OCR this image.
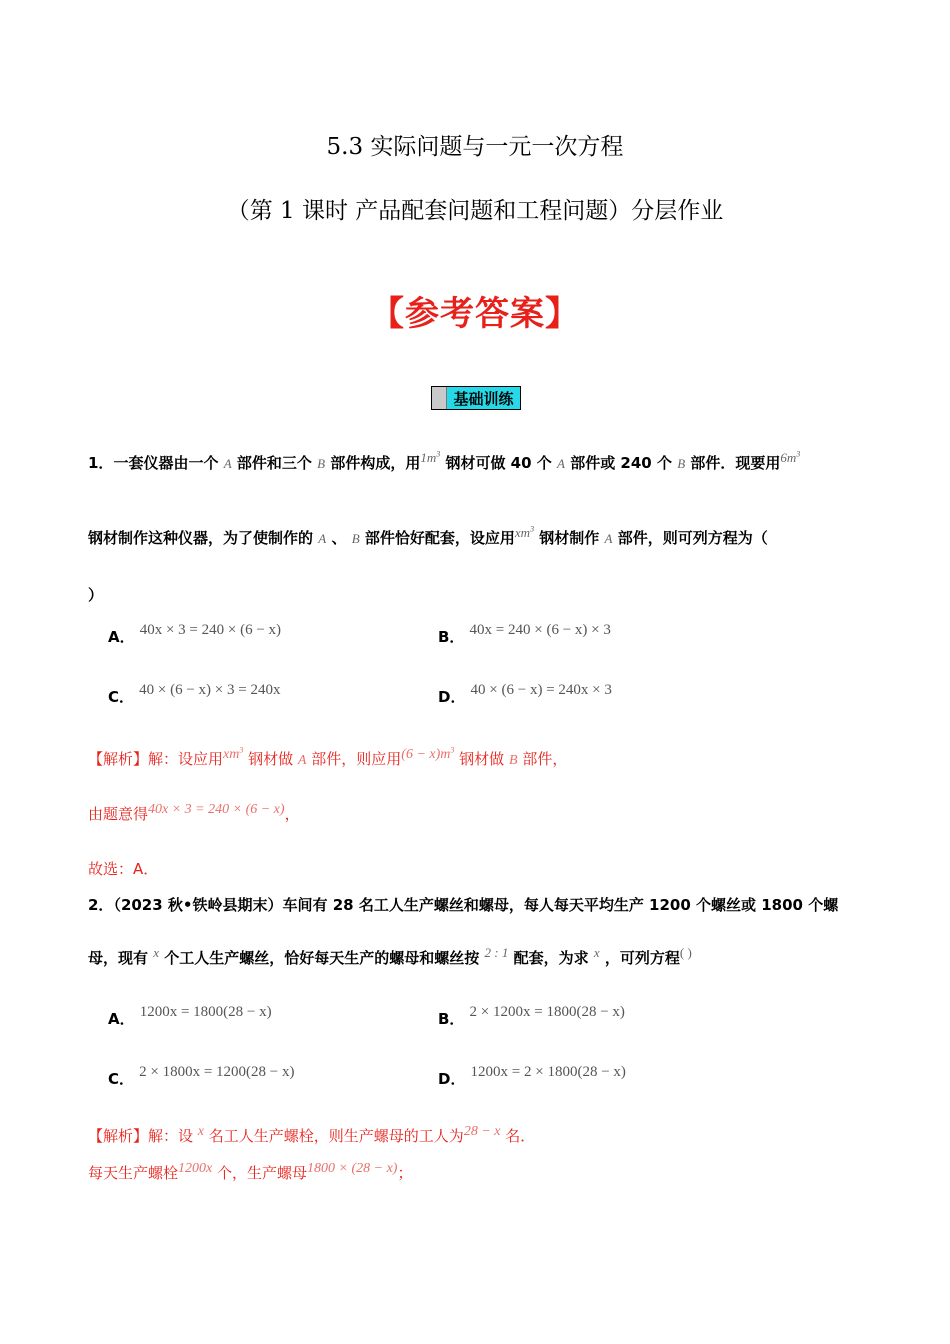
5.3 实际问题与一元一次方程
（第 1 课时 产品配套问题和工程问题）分层作业
【参考答案】
基础训练
1．一套仪器由一个 A 部件和三个 B 部件构成，用$1m^3$ 钢材可做 40 个 A 部件或 240 个 B 部件．现要用$6m^3$
钢材制作这种仪器，为了使制作的 A 、 B 部件恰好配套，设应用$xm^3$ 钢材制作 A 部件，则可列方程为（
）
A． 40x × 3 = 240 × (6 − x)	B． 40x = 240 × (6 − x) × 3
C． 40 × (6 − x) × 3 = 240x	D． 40 × (6 − x) = 240x × 3
【解析】解：设应用$xm^3$ 钢材做 A 部件，则应用$(6 - x)m^3$ 钢材做 B 部件，
由题意得40x × 3 = 240 × (6 − x)，
故选：A．
2．（2023 秋•铁岭县期末）车间有 28 名工人生产螺丝和螺母，每人每天平均生产 1200 个螺丝或 1800 个螺
母，现有 x 个工人生产螺丝，恰好每天生产的螺母和螺丝按 2 : 1 配套，为求 x ，可列方程( )
A． 1200x = 1800(28 − x)	B． 2 × 1200x = 1800(28 − x)
C． 2 × 1800x = 1200(28 − x)	D． 1200x = 2 × 1800(28 − x)
【解析】解：设 x 名工人生产螺栓，则生产螺母的工人为28 − x 名．
每天生产螺栓1200x 个，生产螺母1800 × (28 − x)；
